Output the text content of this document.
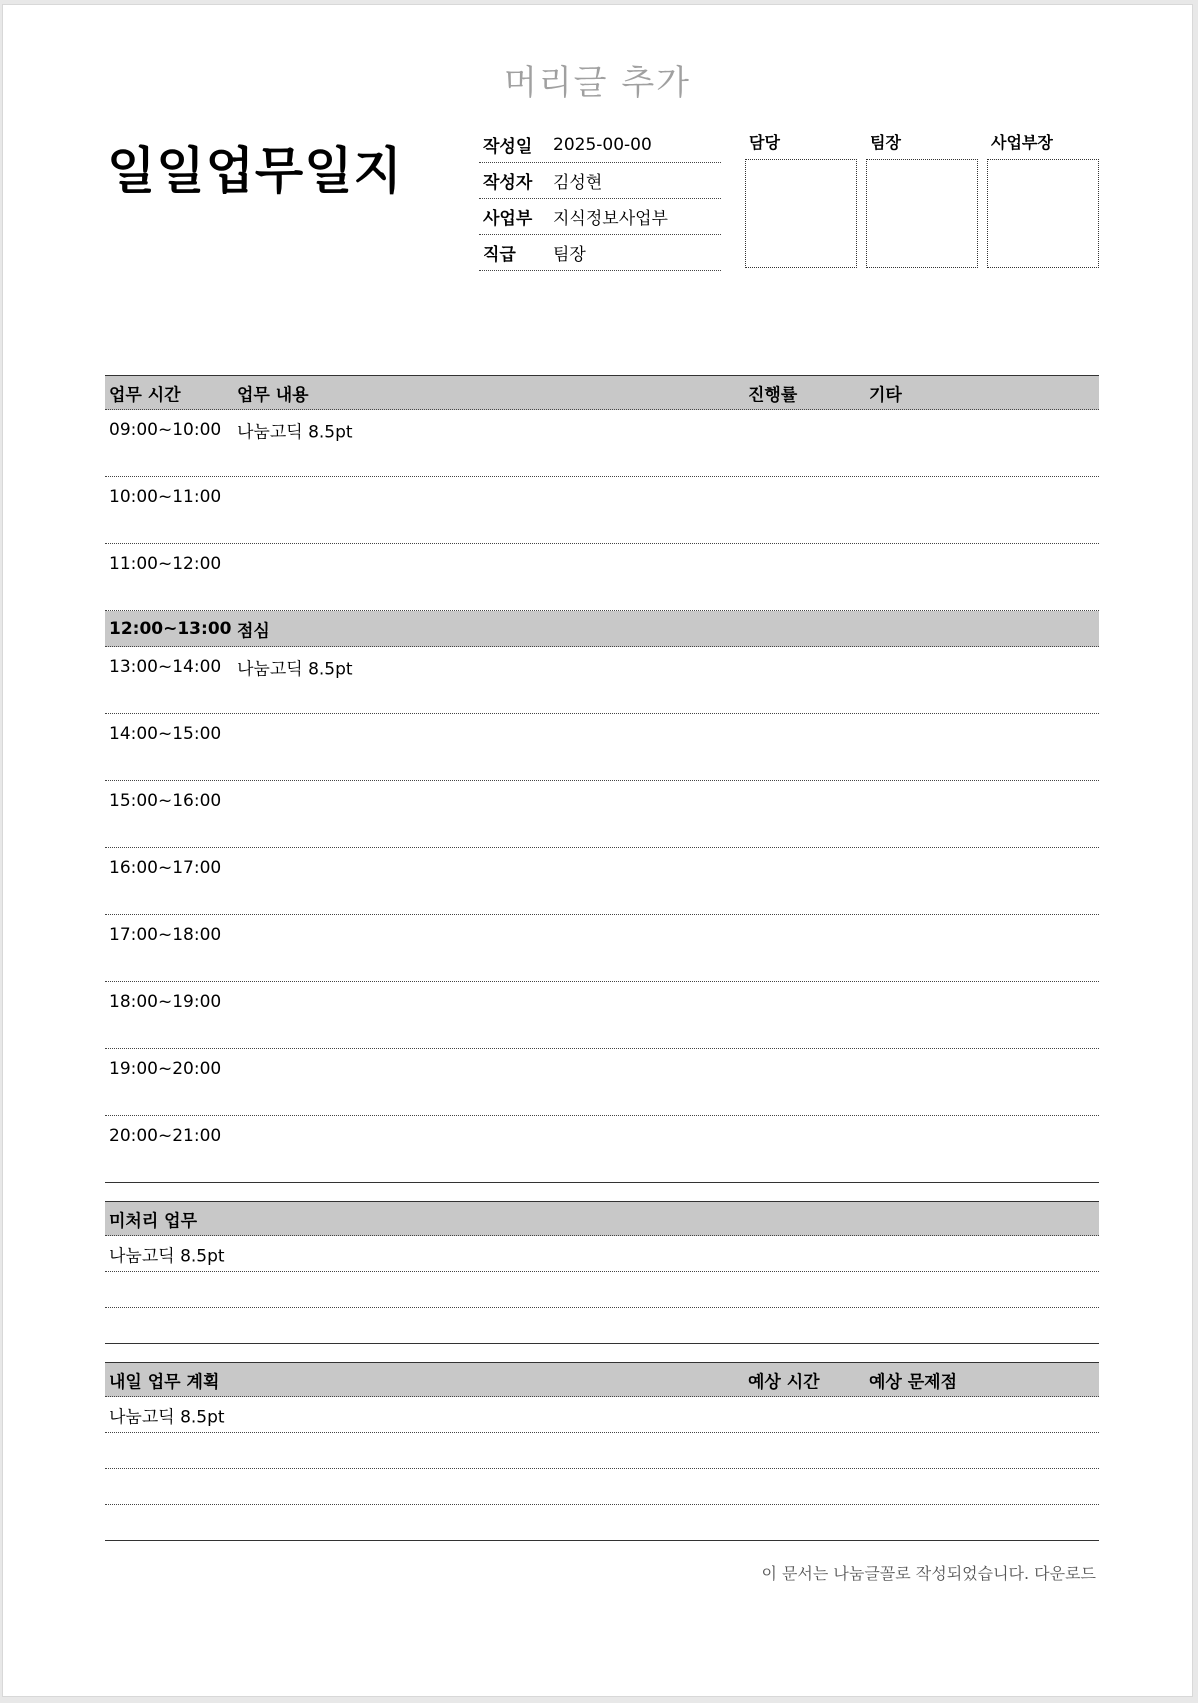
머리글 추가
일일업무일지	작성일	2025-00-00
작성자	김성현
사업부	지식정보사업부
직급	팀장
담당	팀장	사업부장
업무 시간	업무 내용	진행률	기타
09:00~10:00 나눔고딕 8.5pt
10:00~11:00
11:00~12:00
12:00~13:00 점심
13:00~14:00 나눔고딕 8.5pt
14:00~15:00
15:00~16:00
16:00~17:00
17:00~18:00
18:00~19:00
19:00~20:00
20:00~21:00
미처리 업무
나눔고딕 8.5pt
내일 업무 계획	예상 시간	예상 문제점
나눔고딕 8.5pt
이 문서는 나눔글꼴로 작성되었습니다. 다운로드
